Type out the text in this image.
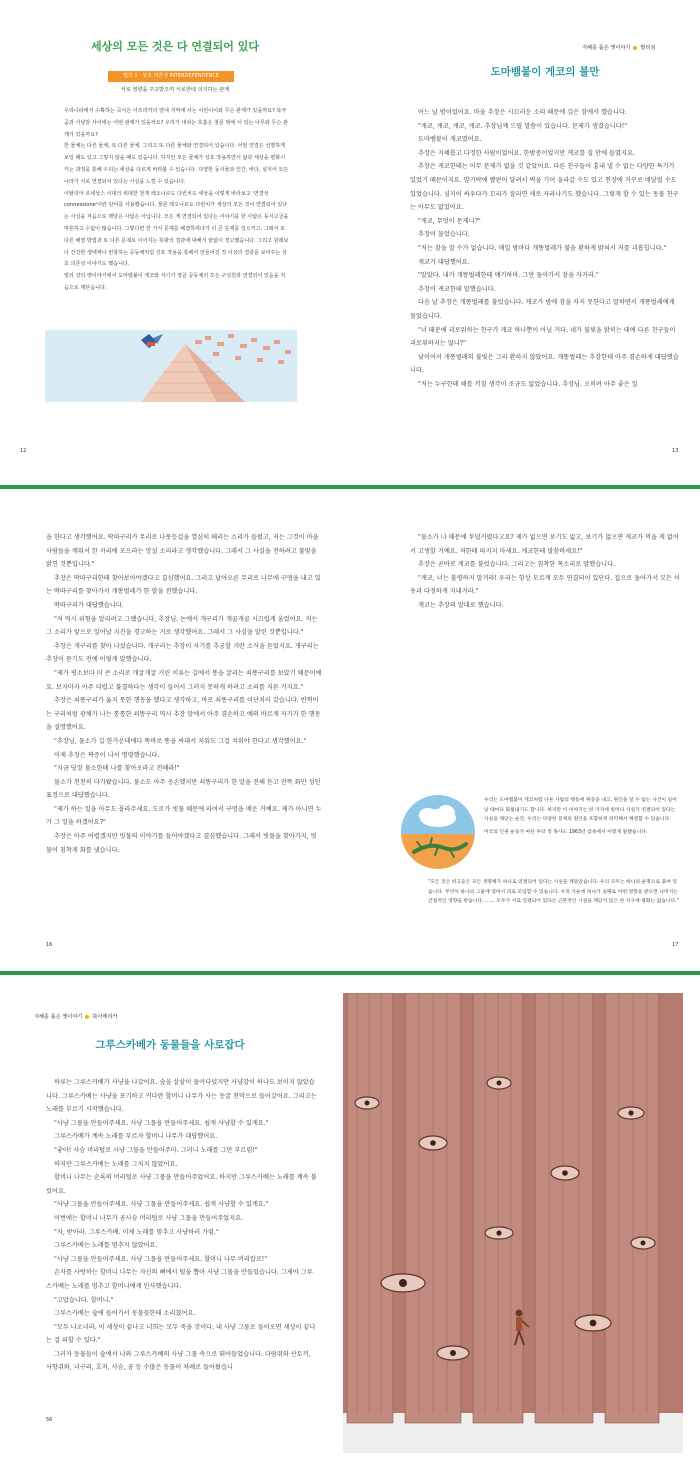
세상의 모든 것은 다 연결되어 있다
법칙 1 · 상호 의존성 INTERDEPENDENCE
서로 영향을 주고받으며 서로한테 의지하는 관계

우리나라에서 수확하는 곡식은 아프리카의 열대 지역에 사는 어린이이와 무슨 관계가 있을까요? 북극곰과 사냥감 사이에는 어떤 관계가 있을까요? 우리가 내쉬는 호흡은 창문 밖에 서 있는 나무와 무슨 관계가 있을까요?

한 물체는 다른 물체, 또 다른 물체, 그리고 또 다른 물체와 연결되어 있습니다. 어떤 연결은 선명하게 보일 때도 있고 그렇지 않을 때도 있습니다. 하지만 모든 물체가 상호 작용하면서 삶과 세상을 변화시키는 과정을 통해 우리는 세상을 다르게 바라볼 수 있습니다. 다양한 동식물과 인간, 바다, 심지어 모든 나라가 서로 연결되어 있다는 사실을 느낄 수 있습니다.

이탈리아 르네상스 시대의 위대한 천재 레오나르도 다빈치도 세상을 이렇게 바라보고 '연결성 connessione'이란 단어를 사용했습니다. 물론 레오나르도 다빈치가 세상의 모든 것이 연결되어 있다는 사실을 처음으로 깨달은 사람은 아닙니다. 모든 게 연결되어 있다는 이야기를 한 사람은 동서고금을 막론하고 수없이 많습니다. 그렇다면 한 가지 문제를 해결하려다가 더 큰 문제를 일으키고, 그래서 또 다른 해결 방법과 또 다른 문제로 이어지는 뜻밖의 결과에 대해서 끝없이 경고했습니다. 그리고 원래보다 건강한 생태계나 번창하는 공동체처럼 상호 작용을 통해서 만들어진 것 이상의 결과를 보여주는 상호 의존성 이야기도 했습니다.

빌리 샹의 옛이야기에서 도마뱀붙이 게코와 자기가 정글 공동체의 모든 구성원과 연결되어 있음을 처음으로 깨닫습니다.

12
지혜를 품은 옛이야기 발리섬
도마뱀붙이 게코의 불만

어느 날 밤이었어요. 마을 추장은 시끄러운 소리 때문에 깊은 잠에서 깼습니다.

"게코, 게코, 게코, 게코. 추장님께 드릴 말씀이 있습니다. 문제가 생겼습니다!"

도마뱀붙이 게코였어요.

추장은 지혜롭고 다정한 사람이었어요. 한밤중이었지만 게코를 집 안에 들였지요.

추장은 게코한테는 아무 문제가 없을 것 같았어요. 다른 친구들이 흉내 낼 수 없는 다양한 특기가 있었기 때문이지요. 발가락에 빨판이 달려서 벽을 기어 올라갈 수도 있고 천장에 거꾸로 매달릴 수도 있었습니다. 심지어 싸우다가 꼬리가 잘리면 새로 자라나기도 했습니다. 그렇게 할 수 있는 동물 친구는 아무도 없었어요.

"게코, 무엇이 문제니?"

추장이 물었습니다.

"저는 잠을 잘 수가 없습니다. 매일 밤마다 개똥벌레가 불을 환하게 밝혀서 저를 괴롭힙니다."

게코가 대답했어요.

"알았다. 내가 개똥벌레한테 얘기하마. 그만 돌아가서 잠을 자거라."

추장이 게코한테 말했습니다.

다음 날 추장은 개똥벌레를 불렀습니다. 게코가 밤에 잠을 자지 못한다고 말하면서 개똥벌레에게 물었습니다.

"너 때문에 괴로워하는 친구가 게코 하나뿐이 아닐 거다. 네가 불빛을 밝히는 데에 다른 친구들이 괴로워하지는 않니?"

낮이어서 개똥벌레의 불빛은 그리 환하지 않았어요. 개똥벌레는 추장한테 아주 겸손하게 대답했습니다.

"저는 누구한테 해를 끼칠 생각이 조금도 없었습니다. 추장님. 오히려 아주 좋은 일

13

을 한다고 생각했어요. 딱따구리가 무리로 나뭇등걸을 열심히 때리는 소리가 들렸고, 저는 그것이 마을 사람들을 깨워서 한 자리에 모으라는 망설 소리라고 생각했습니다. 그래서 그 사실을 전하려고 불빛을 밝힌 것뿐입니다."

추장은 딱따구리한테 찾아보아야겠다고 결심했어요. 그리고 날아오른 무리로 나무에 구멍을 내고 있는 딱따구리를 찾아가서 개똥벌레가 한 말을 전했습니다.

딱따구리가 대답했습니다.

"저 역시 위험을 알리려고 그랬습니다, 추장님. 논에서 개구리가 개골개골 시끄럽게 울었어요. 저는 그 소리가 앞으로 일어날 지진을 경고하는 거로 생각했어요. 그래서 그 사실을 알린 것뿐입니다."

추장은 개구리를 찾아 나섰습니다. 개구리는 추장이 자기를 추궁할 거란 소식을 듣었지요. 개구리는 추장이 묻기도 전에 이렇게 말했습니다.

"제가 평소보다 더 큰 소리로 개굴개굴 거린 이유는 길에서 똥을 굴리는 쇠똥구리를 보았기 때문이에요. 보자마자 아주 더럽고 불결하다는 생각이 들어서 그러지 못하게 하려고 소리를 지른 거지요."

추장은 쇠똥구리가 옳지 못한 행동을 했다고 생각하고, 바로 쇠똥구리를 이단치러 갔습니다. 반짝이는 구리처럼 광채가 나는 통통한 쇠똥구리 역시 추장 앞에서 아주 겸손하고 예의 바르게 자기가 한 행동을 설명했어요.

"추장님, 물소가 길 한가운데에다 똑바로 똥을 싸대서 치워도 그걸 치워야 한다고 생각했어요."

이제 추장은 짜증이 나서 명령했습니다.

"지금 당장 물소한테 나를 찾아오라고 전해라!"

물소가 천천히 다가왔습니다. 물소도 아주 공손했지만 쇠똥구리가 한 말을 전해 듣고 잔뜩 화만 성인 표정으로 대답했습니다.

"제가 하는 일을 아무도 몰라주세요. 도로가 빗물 때문에 파여서 구멍을 메운 거예요. 제가 아니면 누가 그 일을 하겠어요?"

추장은 아주 어렵겠지만 빗물의 이야기를 들어야겠다고 결심했습니다. 그래서 빗물을 찾아가지, 빗물이 침착게 화를 냈습니다.

16

"물소가 나 때문에 투덜거렸다고요? 제가 없으면 보기도 없고, 보기가 없으면 게코가 먹을 게 없어서 고생할 거예요. 저한테 따지지 마세요. 게코한테 말씀하세요!"

추장은 곧바로 게코를 불렀습니다. 그리고는 침착한 목소리로 말했습니다.

"게코, 너는 불평하지 말거라! 우리는 항상 모르게 모두 연결되어 있단다. 집으로 돌아가서 모든 이웃과 다정하게 지내거라."

게코는 추장의 말대로 했습니다.

우리는 도마뱀붙이 게코처럼 다른 사람의 행동에 짜증을 내고, 원인을 알 수 없는 사건이 일어날 때마다 화를내기도 합니다. 하지만 이 이야기는 한 가지에 빛이나 사실가 연결되어 있다는 사실을 깨닫는 순간, 우리는 다양한 문제의 원인을 포함하게 파악해서 해결할 수 있습니다.

미국의 인권 운동가 마틴 루터 킹 목사도 1963년 감옥에서 이렇게 말했습니다.

"모든 것은 떠고들은 모든 생명체가 하나로 연결되어 있다는 사실을 깨달았습니다. 우리 모두는 하나의 운명으로 묶여 있습니다. 무엇이 하나의 그물에 엮여서 피로 모입할 수 있습니다. 우리 가운데 하나가 실패로 어떤 영향을 받으면 나머지는 간접적인 영향을 받습니다. …… 모두가 서로 연결되어 있다는 근본적인 사실을 깨닫지 않은 한 지구에 평화는 없습니다."

17
지혜를 품은 옛이야기 북아메리카
그루스카베가 동물들을 사로잡다

하루는 그루스카베가 사냥을 나갔어요. 숲을 샅샅이 돌아다녔지만 사냥감이 하나도 보이지 않았습니다. 그루스카베는 사냥을 포기하고 커다란 할머니 나무가 사는 동굴 천막으로 들어갔어요. 그리고는 노래를 부르기 시작했습니다.

"사냥 그물을 만들어주세요. 사냥 그물을 만들어주세요. 쉽게 사냥할 수 있게요."

그루스카베가 계속 노래를 부르자 할머니 나무가 대답했어요.

"좋아! 사슴 머리털로 사냥 그물을 만들어주마. 그러니 노래를 그만 부르렴!"

하지만 그루스카베는 노래를 그치지 않았어요.

할머니 나무는 순록의 머리털로 사냥 그물을 만들어주었어요. 하지만 그루스카베는 노래를 계속 불렀어요.

"사냥 그물을 만들어주세요. 사냥 그물을 만들어주세요. 쉽게 사냥할 수 있게요."

이번에는 할머니 나무가 곰사슴 머리털로 사냥 그물을 만들어주었지요.

"자, 받아라. 그루스카베. 이제 노래를 멈추고 사냥하러 가렴."

그루스카베는 노래를 멈추지 않았어요.

"사냥 그물을 만들어주세요. 사냥 그물을 만들어주세요. 할머니 나무 머리칼로!"

손자를 사랑하는 할머니 나무는 자신의 뼈에서 털을 뽑아 사냥 그물을 만들었습니다. 그제야 그루스카베는 노래를 멈추고 할머니에게 인사했습니다.

"고맙습니다. 할머니."

그루스카베는 숲에 들어가서 동물들한테 소리쳤어요.

"모두 나오너라. 이 세상이 끝나고 너희는 모두 죽을 것이다. 내 사냥 그물로 들어오면 세상이 끝나는 걸 피할 수 있다."

그러자 동물들이 숲에서 나와 그루스카베의 사냥 그물 속으로 뛰어들었습니다. 다람쥐와 산토끼, 사향쥐와, 너구리, 호저, 사슴, 곰 등 수많은 동물이 차례로 들어왔습니

56
